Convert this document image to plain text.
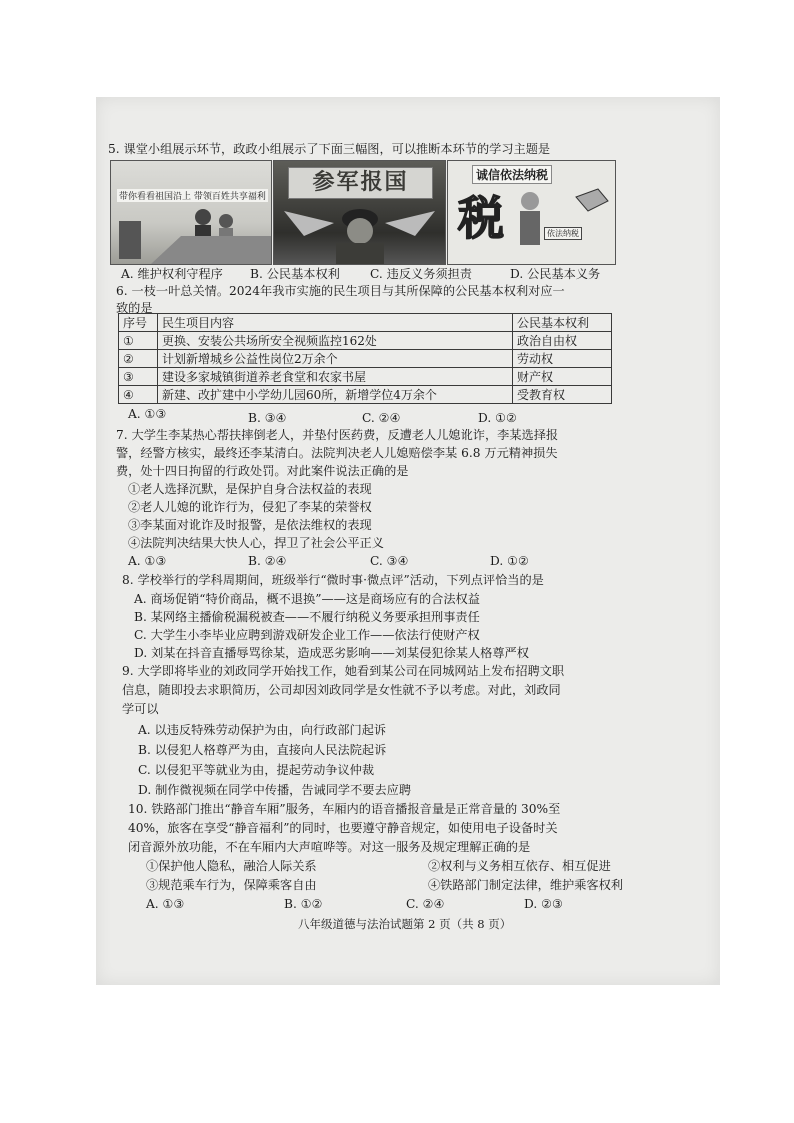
5. 课堂小组展示环节，政政小组展示了下面三幅图，可以推断本环节的学习主题是
带你看看祖国沿上 带领百姓共享福利
参军报国	诚信依法纳税
税	依法纳税
A. 维护权利守程序 B. 公民基本权利 C. 违反义务须担责	D. 公民基本义务
6. 一枝一叶总关情。2024年我市实施的民生项目与其所保障的公民基本权利对应一
致的是
序号	民生项目内容	公民基本权利
①	更换、安装公共场所安全视频监控162处	政治自由权
②	计划新增城乡公益性岗位2万余个	劳动权
③	建设多家城镇街道养老食堂和农家书屋	财产权
④	新建、改扩建中小学幼儿园60所，新增学位4万余个	受教育权
A. ①③	B. ③④	C. ②④	D. ①②
7. 大学生李某热心帮扶摔倒老人，并垫付医药费，反遭老人儿媳讹诈，李某选择报
警，经警方核实，最终还李某清白。法院判决老人儿媳赔偿李某 6.8 万元精神损失
费，处十四日拘留的行政处罚。对此案件说法正确的是
①老人选择沉默，是保护自身合法权益的表现
②老人儿媳的讹诈行为，侵犯了李某的荣誉权
③李某面对讹诈及时报警，是依法维权的表现
④法院判决结果大快人心，捍卫了社会公平正义
A. ①③	B. ②④	C. ③④	D. ①②
8. 学校举行的学科周期间，班级举行“微时事·微点评”活动，下列点评恰当的是
A. 商场促销“特价商品，概不退换”——这是商场应有的合法权益
B. 某网络主播偷税漏税被查——不履行纳税义务要承担刑事责任
C. 大学生小李毕业应聘到游戏研发企业工作——依法行使财产权
D. 刘某在抖音直播辱骂徐某，造成恶劣影响——刘某侵犯徐某人格尊严权
9. 大学即将毕业的刘政同学开始找工作，她看到某公司在同城网站上发布招聘文职
信息，随即投去求职简历，公司却因刘政同学是女性就不予以考虑。对此，刘政同
学可以
A. 以违反特殊劳动保护为由，向行政部门起诉
B. 以侵犯人格尊严为由，直接向人民法院起诉
C. 以侵犯平等就业为由，提起劳动争议仲裁
D. 制作微视频在同学中传播，告诫同学不要去应聘
10. 铁路部门推出“静音车厢”服务，车厢内的语音播报音量是正常音量的 30%至
40%，旅客在享受“静音福利”的同时，也要遵守静音规定，如使用电子设备时关
闭音源外放功能，不在车厢内大声喧哗等。对这一服务及规定理解正确的是
①保护他人隐私，融洽人际关系	②权利与义务相互依存、相互促进
③规范乘车行为，保障乘客自由	④铁路部门制定法律，维护乘客权利
A. ①③	B. ①②	C. ②④	D. ②③
八年级道德与法治试题第 2 页（共 8 页）
